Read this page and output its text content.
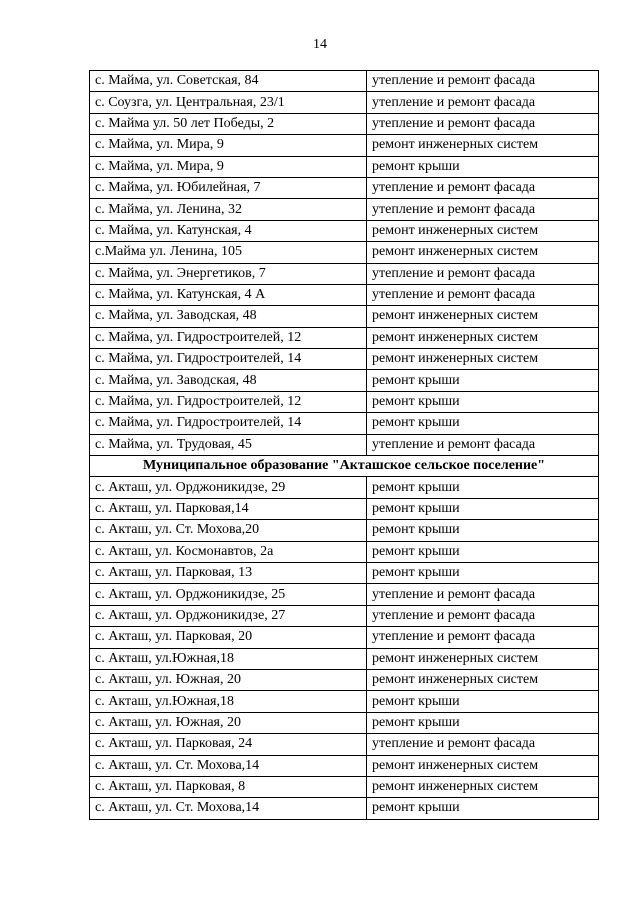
14
с. Майма, ул. Советская, 84	утепление и ремонт фасада
с. Соузга, ул. Центральная, 23/1	утепление и ремонт фасада
с. Майма ул. 50 лет Победы, 2	утепление и ремонт фасада
с. Майма, ул. Мира, 9	ремонт инженерных систем
с. Майма, ул. Мира, 9	ремонт крыши
с. Майма, ул. Юбилейная, 7	утепление и ремонт фасада
с. Майма, ул. Ленина, 32	утепление и ремонт фасада
с. Майма, ул. Катунская, 4	ремонт инженерных систем
с.Майма ул. Ленина, 105	ремонт инженерных систем
с. Майма, ул. Энергетиков, 7	утепление и ремонт фасада
с. Майма, ул. Катунская, 4 А	утепление и ремонт фасада
с. Майма, ул. Заводская, 48	ремонт инженерных систем
с. Майма, ул. Гидростроителей, 12	ремонт инженерных систем
с. Майма, ул. Гидростроителей, 14	ремонт инженерных систем
с. Майма, ул. Заводская, 48	ремонт крыши
с. Майма, ул. Гидростроителей, 12	ремонт крыши
с. Майма, ул. Гидростроителей, 14	ремонт крыши
с. Майма, ул. Трудовая, 45	утепление и ремонт фасада
Муниципальное образование "Акташское сельское поселение"	
с. Акташ, ул. Орджоникидзе, 29	ремонт крыши
с. Акташ, ул. Парковая,14	ремонт крыши
с. Акташ, ул. Ст. Мохова,20	ремонт крыши
с. Акташ, ул. Космонавтов, 2а	ремонт крыши
с. Акташ, ул. Парковая, 13	ремонт крыши
с. Акташ, ул. Орджоникидзе, 25	утепление и ремонт фасада
с. Акташ, ул. Орджоникидзе, 27	утепление и ремонт фасада
с. Акташ, ул. Парковая, 20	утепление и ремонт фасада
с. Акташ, ул.Южная,18	ремонт инженерных систем
с. Акташ, ул. Южная, 20	ремонт инженерных систем
с. Акташ, ул.Южная,18	ремонт крыши
с. Акташ, ул. Южная, 20	ремонт крыши
с. Акташ, ул. Парковая, 24	утепление и ремонт фасада
с. Акташ, ул. Ст. Мохова,14	ремонт инженерных систем
с. Акташ, ул. Парковая, 8	ремонт инженерных систем
с. Акташ, ул. Ст. Мохова,14	ремонт крыши
